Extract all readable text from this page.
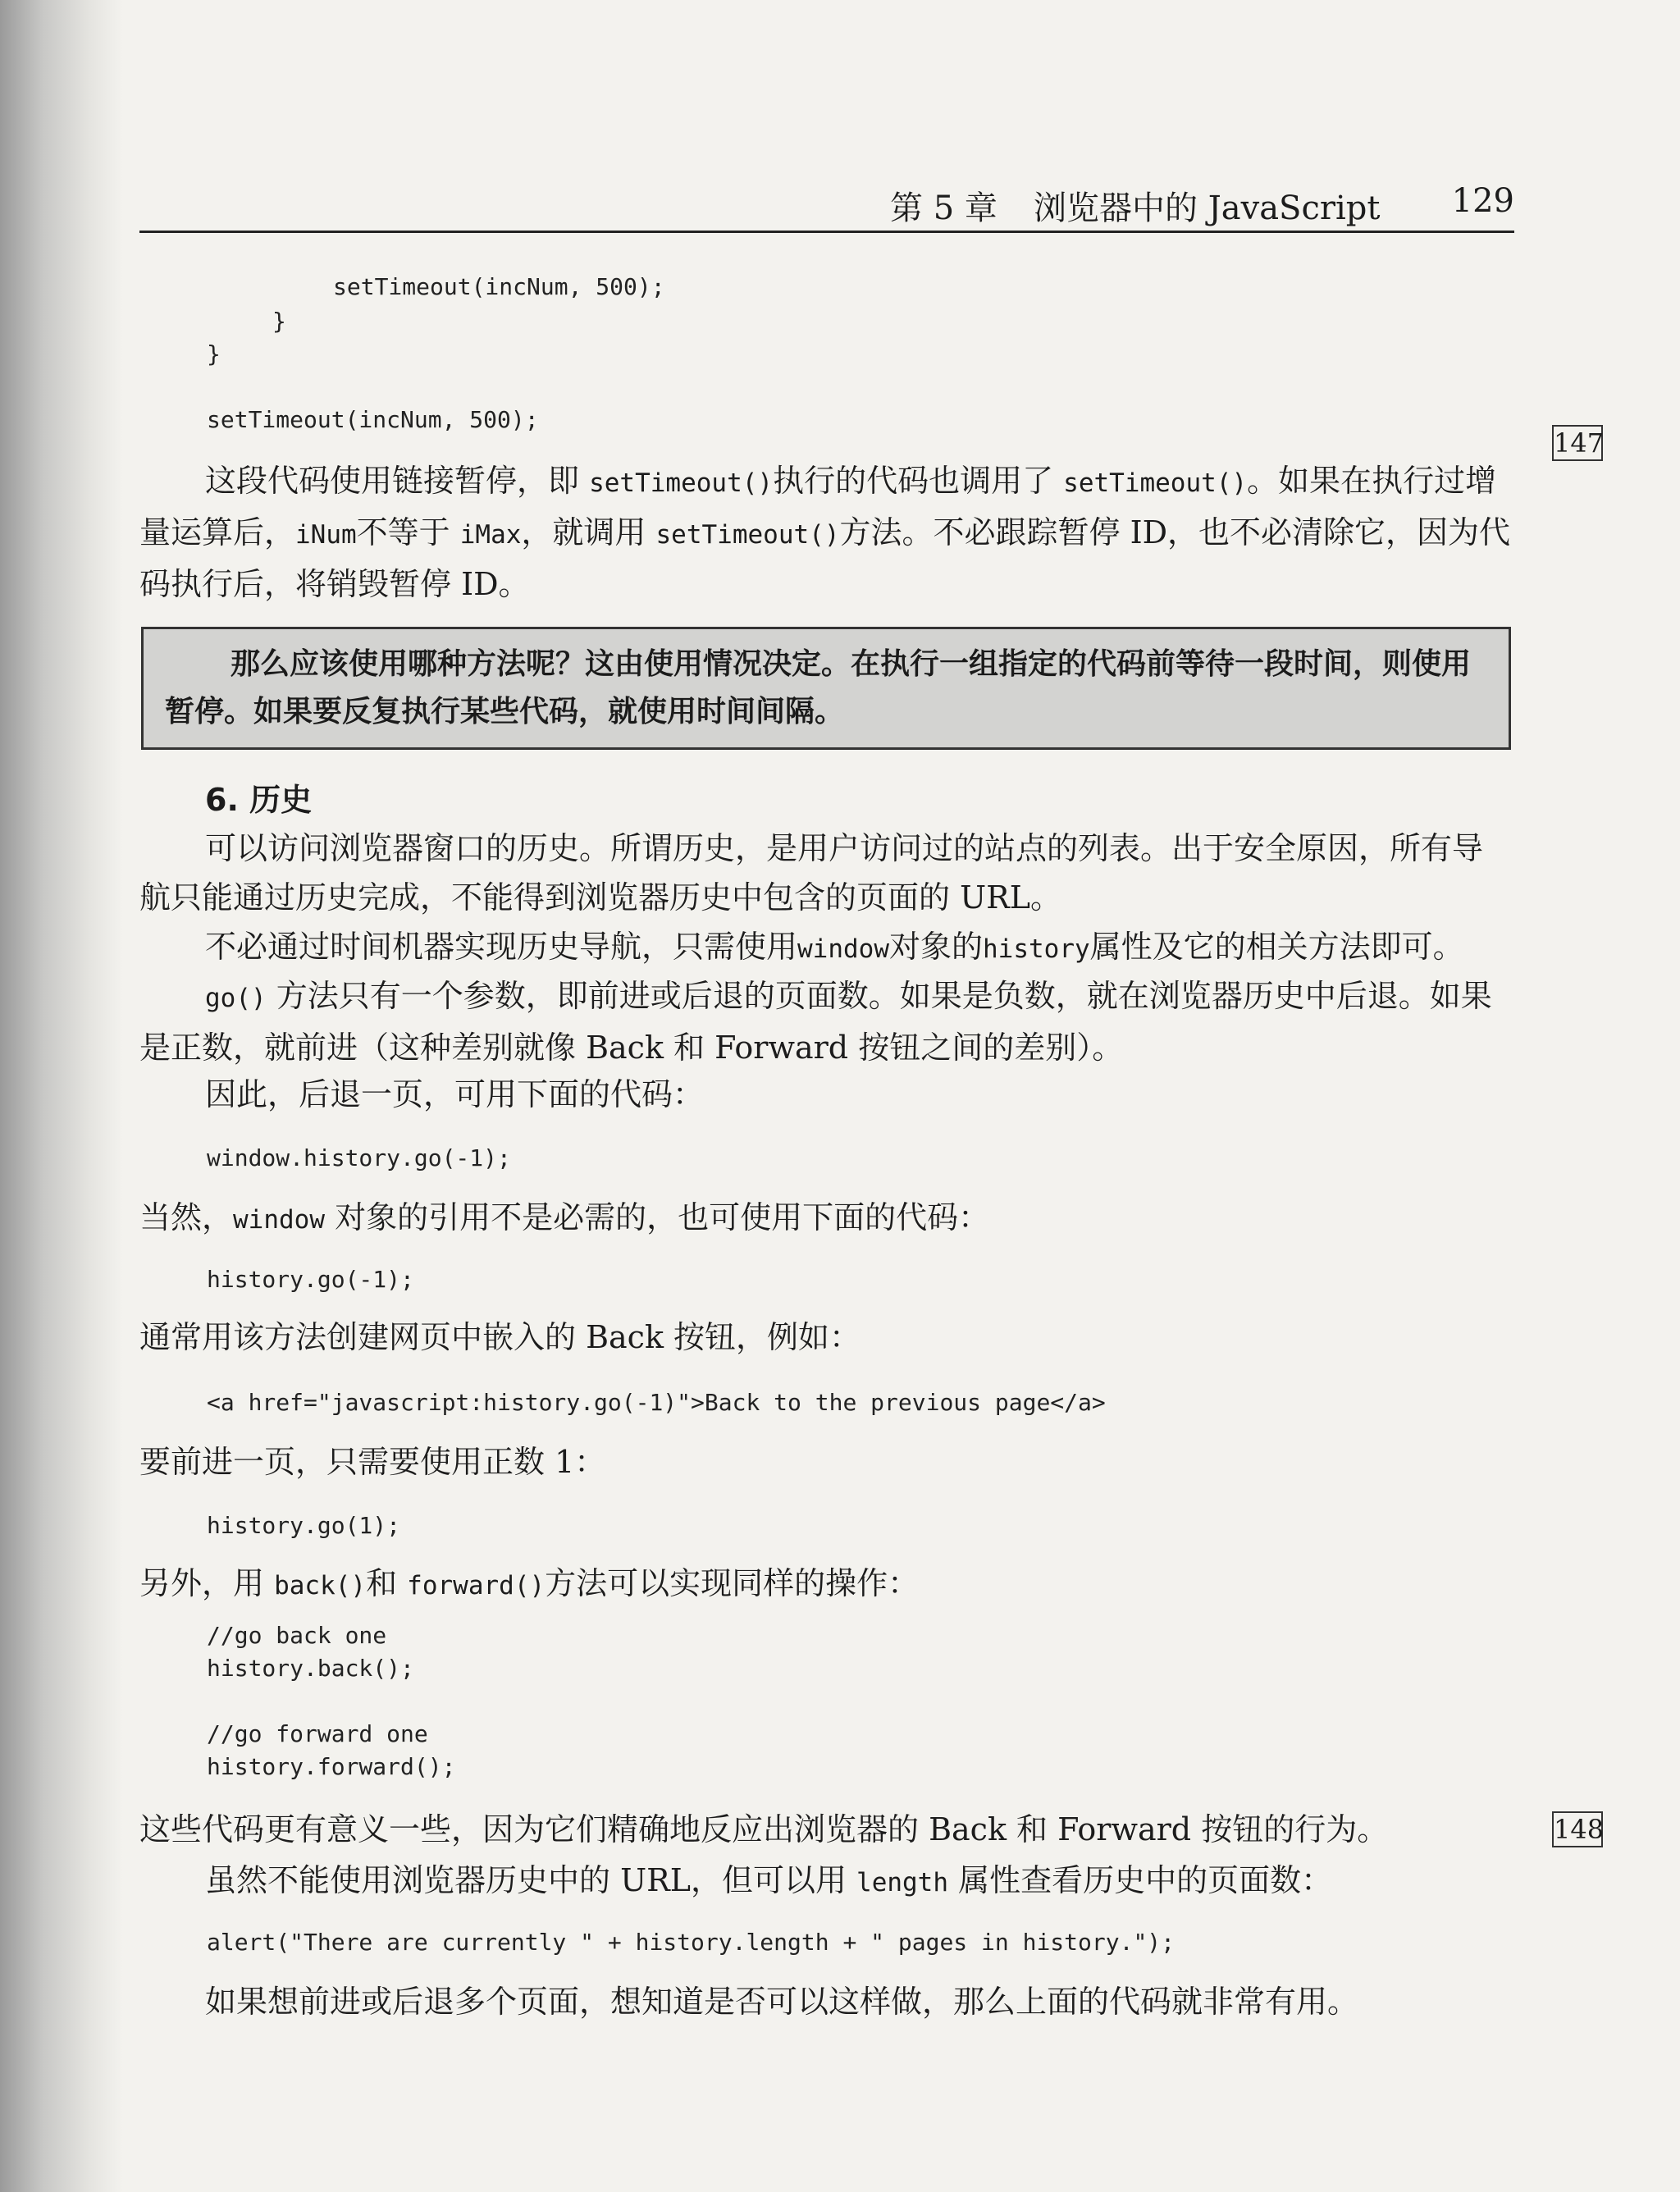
第 5 章 浏览器中的 JavaScript 129
setTimeout(incNum, 500);
}
}
setTimeout(incNum, 500);
147

这段代码使用链接暂停，即 setTimeout()执行的代码也调用了 setTimeout()。如果在执行过增量运算后，iNum不等于 iMax，就调用 setTimeout()方法。不必跟踪暂停 ID，也不必清除它，因为代码执行后，将销毁暂停 ID。

那么应该使用哪种方法呢？这由使用情况决定。在执行一组指定的代码前等待一段时间，则使用暂停。如果要反复执行某些代码，就使用时间间隔。

6. 历史

可以访问浏览器窗口的历史。所谓历史，是用户访问过的站点的列表。出于安全原因，所有导航只能通过历史完成，不能得到浏览器历史中包含的页面的 URL。

不必通过时间机器实现历史导航，只需使用window对象的history属性及它的相关方法即可。

go() 方法只有一个参数，即前进或后退的页面数。如果是负数，就在浏览器历史中后退。如果是正数，就前进（这种差别就像 Back 和 Forward 按钮之间的差别）。

因此，后退一页，可用下面的代码：

window.history.go(-1);

当然，window 对象的引用不是必需的，也可使用下面的代码：

history.go(-1);

通常用该方法创建网页中嵌入的 Back 按钮，例如：

<a href="javascript:history.go(-1)">Back to the previous page</a>

要前进一页，只需要使用正数 1：

history.go(1);

另外，用 back()和 forward()方法可以实现同样的操作：

//go back one
history.back();

//go forward one
history.forward();

这些代码更有意义一些，因为它们精确地反应出浏览器的 Back 和 Forward 按钮的行为。	148

虽然不能使用浏览器历史中的 URL，但可以用 length 属性查看历史中的页面数：

alert("There are currently " + history.length + " pages in history.");

如果想前进或后退多个页面，想知道是否可以这样做，那么上面的代码就非常有用。
